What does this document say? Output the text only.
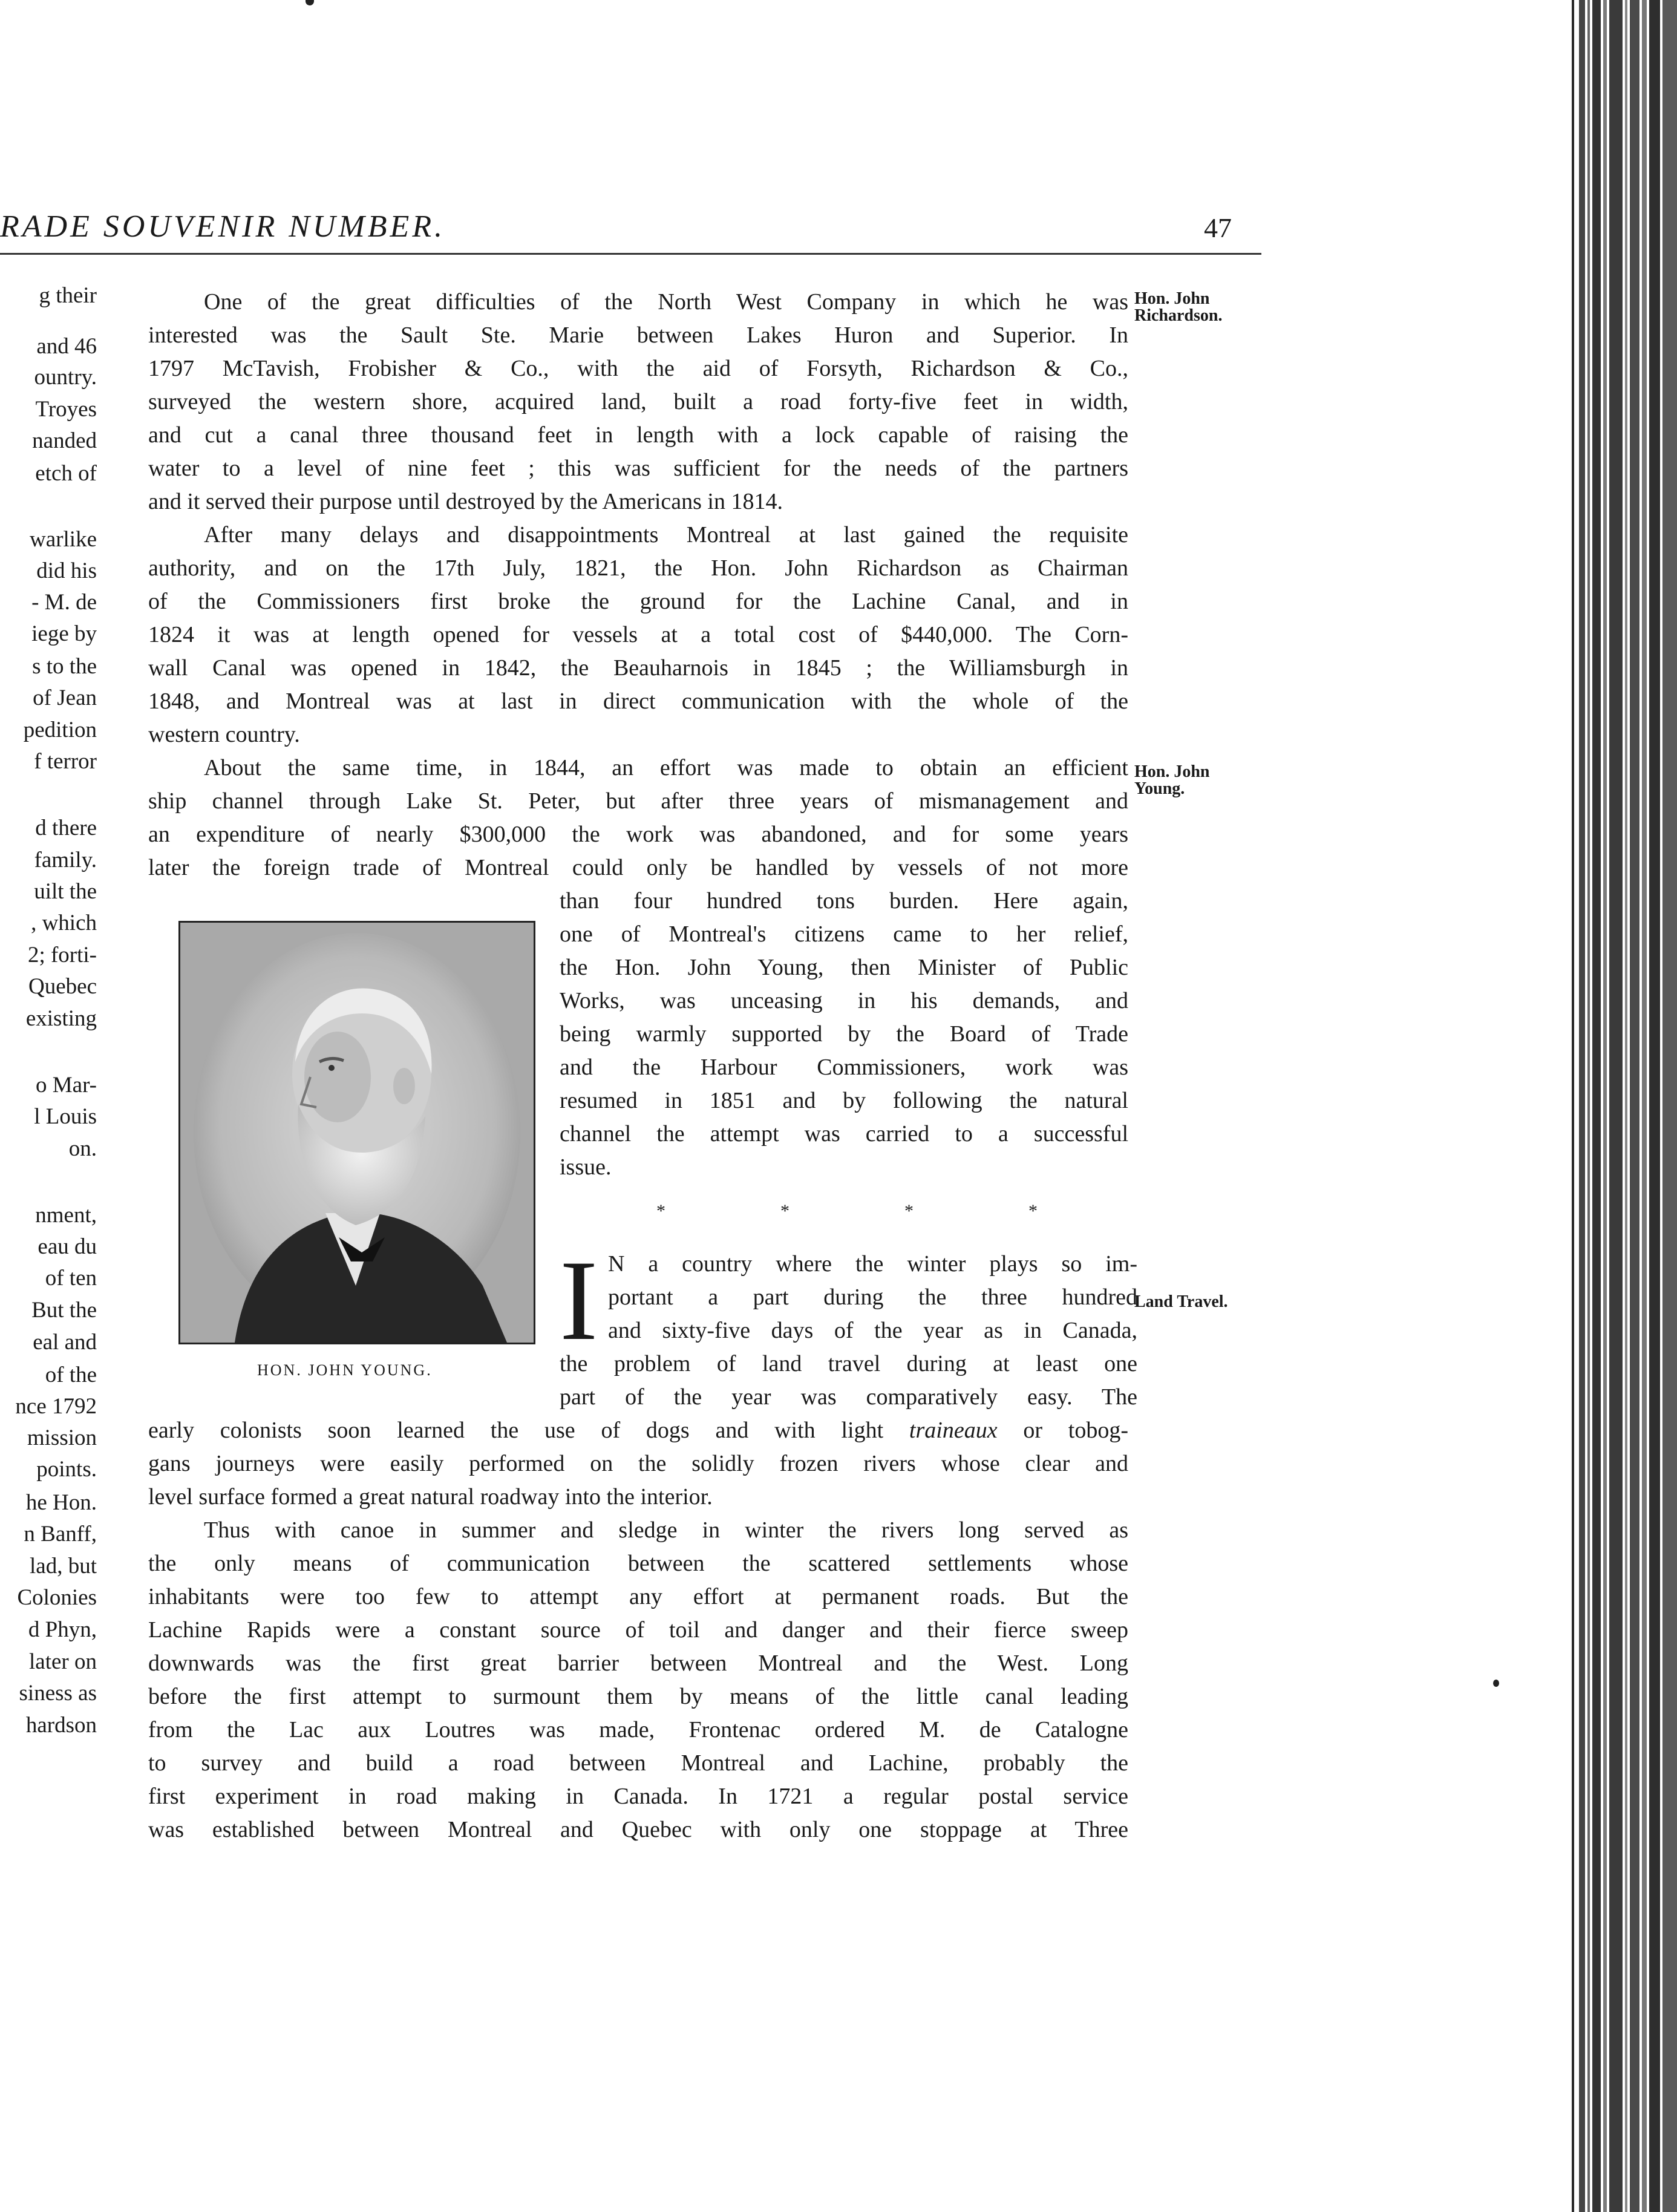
RADE SOUVENIR NUMBER.	47
g their
and 46
ountry.
Troyes
nanded
etch of
warlike
did his
- M. de
iege by
s to the
of Jean
pedition
f terror
d there
family.
uilt the
, which
2; forti-
Quebec
existing
o Mar-
l Louis
on.
nment,
eau du
of ten
But the
eal and
of the
nce 1792
mission
points.
he Hon.
n Banff,
lad, but
Colonies
d Phyn,
later on
siness as
hardson
Hon. John
Richardson.
Hon. John
Young.
Land Travel.
One of the great difficulties of the North West Company in which he was
interested was the Sault Ste. Marie between Lakes Huron and Superior. In
1797 McTavish, Frobisher & Co., with the aid of Forsyth, Richardson & Co.,
surveyed the western shore, acquired land, built a road forty-five feet in width,
and cut a canal three thousand feet in length with a lock capable of raising the
water to a level of nine feet ; this was sufficient for the needs of the partners
and it served their purpose until destroyed by the Americans in 1814.
After many delays and disappointments Montreal at last gained the requisite
authority, and on the 17th July, 1821, the Hon. John Richardson as Chairman
of the Commissioners first broke the ground for the Lachine Canal, and in
1824 it was at length opened for vessels at a total cost of $440,000. The Corn-
wall Canal was opened in 1842, the Beauharnois in 1845 ; the Williamsburgh in
1848, and Montreal was at last in direct communication with the whole of the
western country.
About the same time, in 1844, an effort was made to obtain an efficient
ship channel through Lake St. Peter, but after three years of mismanagement and
an expenditure of nearly $300,000 the work was abandoned, and for some years
later the foreign trade of Montreal could only be handled by vessels of not more
than four hundred tons burden. Here again,
one of Montreal's citizens came to her relief,
the Hon. John Young, then Minister of Public
Works, was unceasing in his demands, and
being warmly supported by the Board of Trade
and the Harbour Commissioners, work was
resumed in 1851 and by following the natural
channel the attempt was carried to a successful
issue.
*	*	*	*
HON. JOHN YOUNG.
I N a country where the winter plays so im-
portant a part during the three hundred
and sixty-five days of the year as in Canada,
the problem of land travel during at least one
part of the year was comparatively easy. The
early colonists soon learned the use of dogs and with light traineaux or tobog-
gans journeys were easily performed on the solidly frozen rivers whose clear and
level surface formed a great natural roadway into the interior.
Thus with canoe in summer and sledge in winter the rivers long served as
the only means of communication between the scattered settlements whose
inhabitants were too few to attempt any effort at permanent roads. But the
Lachine Rapids were a constant source of toil and danger and their fierce sweep
downwards was the first great barrier between Montreal and the West. Long
before the first attempt to surmount them by means of the little canal leading
from the Lac aux Loutres was made, Frontenac ordered M. de Catalogne
to survey and build a road between Montreal and Lachine, probably the
first experiment in road making in Canada. In 1721 a regular postal service
was established between Montreal and Quebec with only one stoppage at Three
